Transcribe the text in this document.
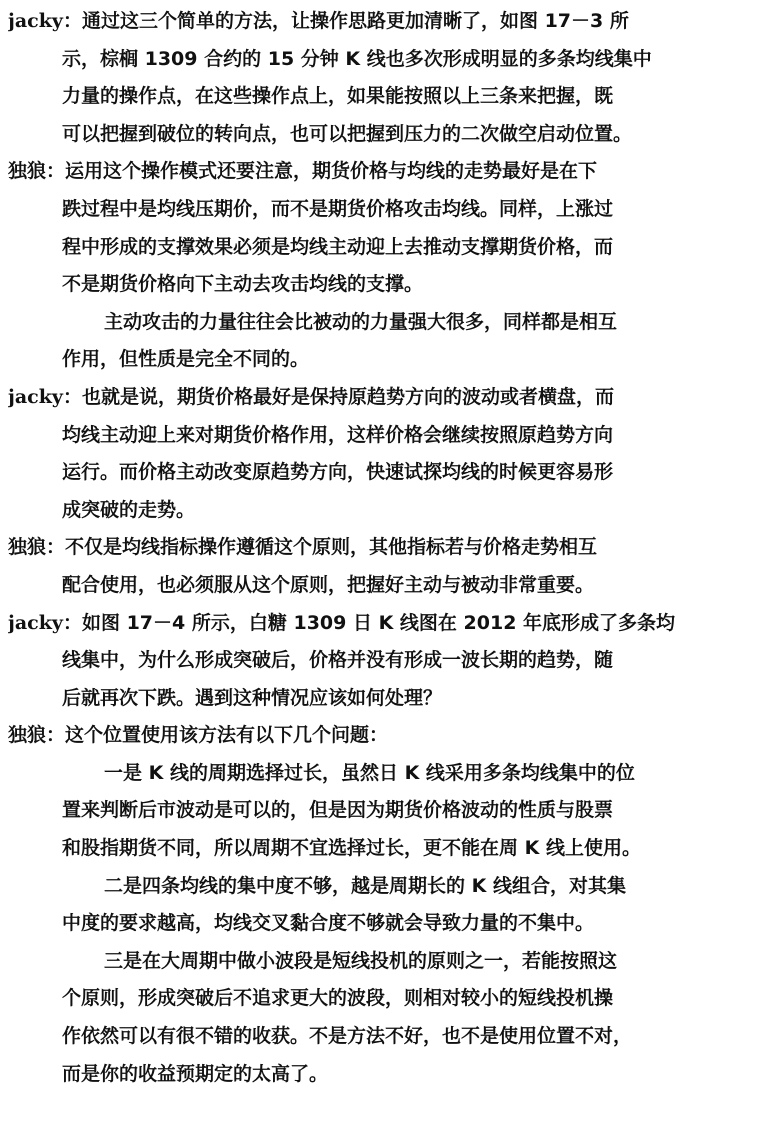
jacky：通过这三个简单的方法，让操作思路更加清晰了，如图 17－3 所
示，棕榈 1309 合约的 15 分钟 K 线也多次形成明显的多条均线集中
力量的操作点，在这些操作点上，如果能按照以上三条来把握，既
可以把握到破位的转向点，也可以把握到压力的二次做空启动位置。
独狼：运用这个操作模式还要注意，期货价格与均线的走势最好是在下
跌过程中是均线压期价，而不是期货价格攻击均线。同样，上涨过
程中形成的支撑效果必须是均线主动迎上去推动支撑期货价格，而
不是期货价格向下主动去攻击均线的支撑。
主动攻击的力量往往会比被动的力量强大很多，同样都是相互
作用，但性质是完全不同的。
jacky：也就是说，期货价格最好是保持原趋势方向的波动或者横盘，而
均线主动迎上来对期货价格作用，这样价格会继续按照原趋势方向
运行。而价格主动改变原趋势方向，快速试探均线的时候更容易形
成突破的走势。
独狼：不仅是均线指标操作遵循这个原则，其他指标若与价格走势相互
配合使用，也必须服从这个原则，把握好主动与被动非常重要。
jacky：如图 17－4 所示，白糖 1309 日 K 线图在 2012 年底形成了多条均
线集中，为什么形成突破后，价格并没有形成一波长期的趋势，随
后就再次下跌。遇到这种情况应该如何处理？
独狼：这个位置使用该方法有以下几个问题：
一是 K 线的周期选择过长，虽然日 K 线采用多条均线集中的位
置来判断后市波动是可以的，但是因为期货价格波动的性质与股票
和股指期货不同，所以周期不宜选择过长，更不能在周 K 线上使用。
二是四条均线的集中度不够，越是周期长的 K 线组合，对其集
中度的要求越高，均线交叉黏合度不够就会导致力量的不集中。
三是在大周期中做小波段是短线投机的原则之一，若能按照这
个原则，形成突破后不追求更大的波段，则相对较小的短线投机操
作依然可以有很不错的收获。不是方法不好，也不是使用位置不对，
而是你的收益预期定的太高了。
